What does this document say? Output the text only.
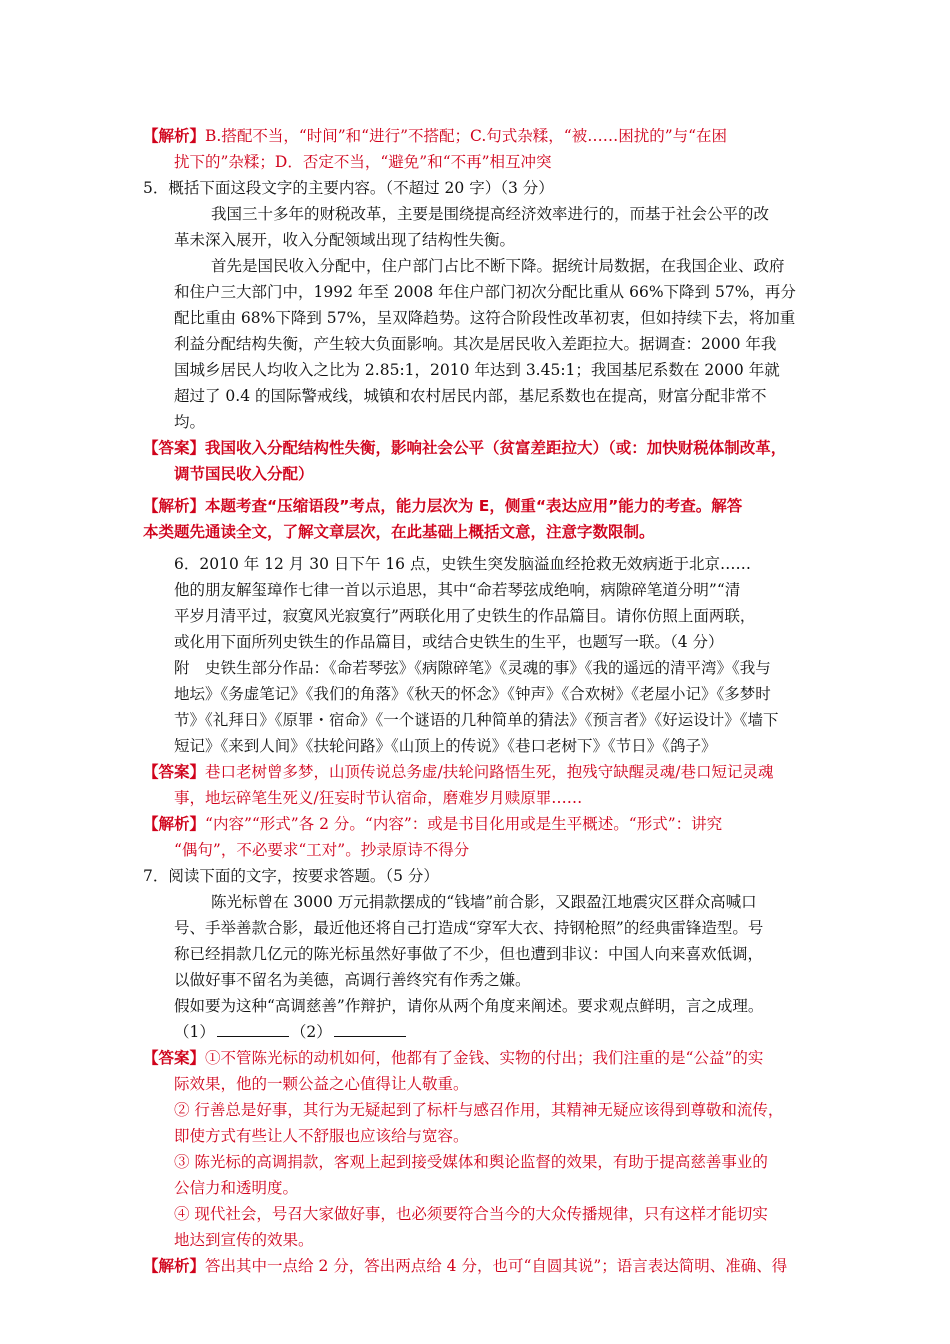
【解析】B.搭配不当，“时间”和“进行”不搭配；C.句式杂糅，“被……困扰的”与“在困
扰下的”杂糅；D．否定不当，“避免”和“不再”相互冲突
5．概括下面这段文字的主要内容。（不超过 20 字）（3 分）
我国三十多年的财税改革，主要是围绕提高经济效率进行的，而基于社会公平的改
革未深入展开，收入分配领域出现了结构性失衡。
首先是国民收入分配中，住户部门占比不断下降。据统计局数据，在我国企业、政府
和住户三大部门中，1992 年至 2008 年住户部门初次分配比重从 66%下降到 57%，再分
配比重由 68%下降到 57%，呈双降趋势。这符合阶段性改革初衷，但如持续下去，将加重
利益分配结构失衡，产生较大负面影响。其次是居民收入差距拉大。据调查：2000 年我
国城乡居民人均收入之比为 2.85:1，2010 年达到 3.45:1；我国基尼系数在 2000 年就
超过了 0.4 的国际警戒线，城镇和农村居民内部，基尼系数也在提高，财富分配非常不
均。
【答案】我国收入分配结构性失衡，影响社会公平（贫富差距拉大）（或：加快财税体制改革，
调节国民收入分配）
【解析】本题考查“压缩语段”考点，能力层次为 E，侧重“表达应用”能力的考查。解答
本类题先通读全文，了解文章层次，在此基础上概括文意，注意字数限制。
6．2010 年 12 月 30 日下午 16 点，史铁生突发脑溢血经抢救无效病逝于北京……
他的朋友解玺璋作七律一首以示追思，其中“命若琴弦成绝响，病隙碎笔道分明”“清
平岁月清平过，寂寞风光寂寞行”两联化用了史铁生的作品篇目。请你仿照上面两联，
或化用下面所列史铁生的作品篇目，或结合史铁生的生平，也题写一联。（4 分）
附　史铁生部分作品：《命若琴弦》《病隙碎笔》《灵魂的事》《我的遥远的清平湾》《我与
地坛》《务虚笔记》《我们的角落》《秋天的怀念》《钟声》《合欢树》《老屋小记》《多梦时
节》《礼拜日》《原罪・宿命》《一个谜语的几种简单的猜法》《预言者》《好运设计》《墙下
短记》《来到人间》《扶轮问路》《山顶上的传说》《巷口老树下》《节日》《鸽子》
【答案】巷口老树曾多梦，山顶传说总务虚/扶轮问路悟生死，抱残守缺醒灵魂/巷口短记灵魂
事，地坛碎笔生死义/狂妄时节认宿命，磨难岁月赎原罪……
【解析】“内容”“形式”各 2 分。“内容”：或是书目化用或是生平概述。“形式”：讲究
“偶句”，不必要求“工对”。抄录原诗不得分
7．阅读下面的文字，按要求答题。（5 分）
陈光标曾在 3000 万元捐款摆成的“钱墙”前合影，又跟盈江地震灾区群众高喊口
号、手举善款合影，最近他还将自己打造成“穿军大衣、持钢枪照”的经典雷锋造型。号
称已经捐款几亿元的陈光标虽然好事做了不少，但也遭到非议：中国人向来喜欢低调，
以做好事不留名为美德，高调行善终究有作秀之嫌。
假如要为这种“高调慈善”作辩护，请你从两个角度来阐述。要求观点鲜明，言之成理。
（1）	（2）
【答案】①不管陈光标的动机如何，他都有了金钱、实物的付出；我们注重的是“公益”的实
际效果，他的一颗公益之心值得让人敬重。
② 行善总是好事，其行为无疑起到了标杆与感召作用，其精神无疑应该得到尊敬和流传，
即使方式有些让人不舒服也应该给与宽容。
③ 陈光标的高调捐款，客观上起到接受媒体和舆论监督的效果，有助于提高慈善事业的
公信力和透明度。
④ 现代社会，号召大家做好事，也必须要符合当今的大众传播规律，只有这样才能切实
地达到宣传的效果。
【解析】答出其中一点给 2 分，答出两点给 4 分，也可“自圆其说”；语言表达简明、准确、得
